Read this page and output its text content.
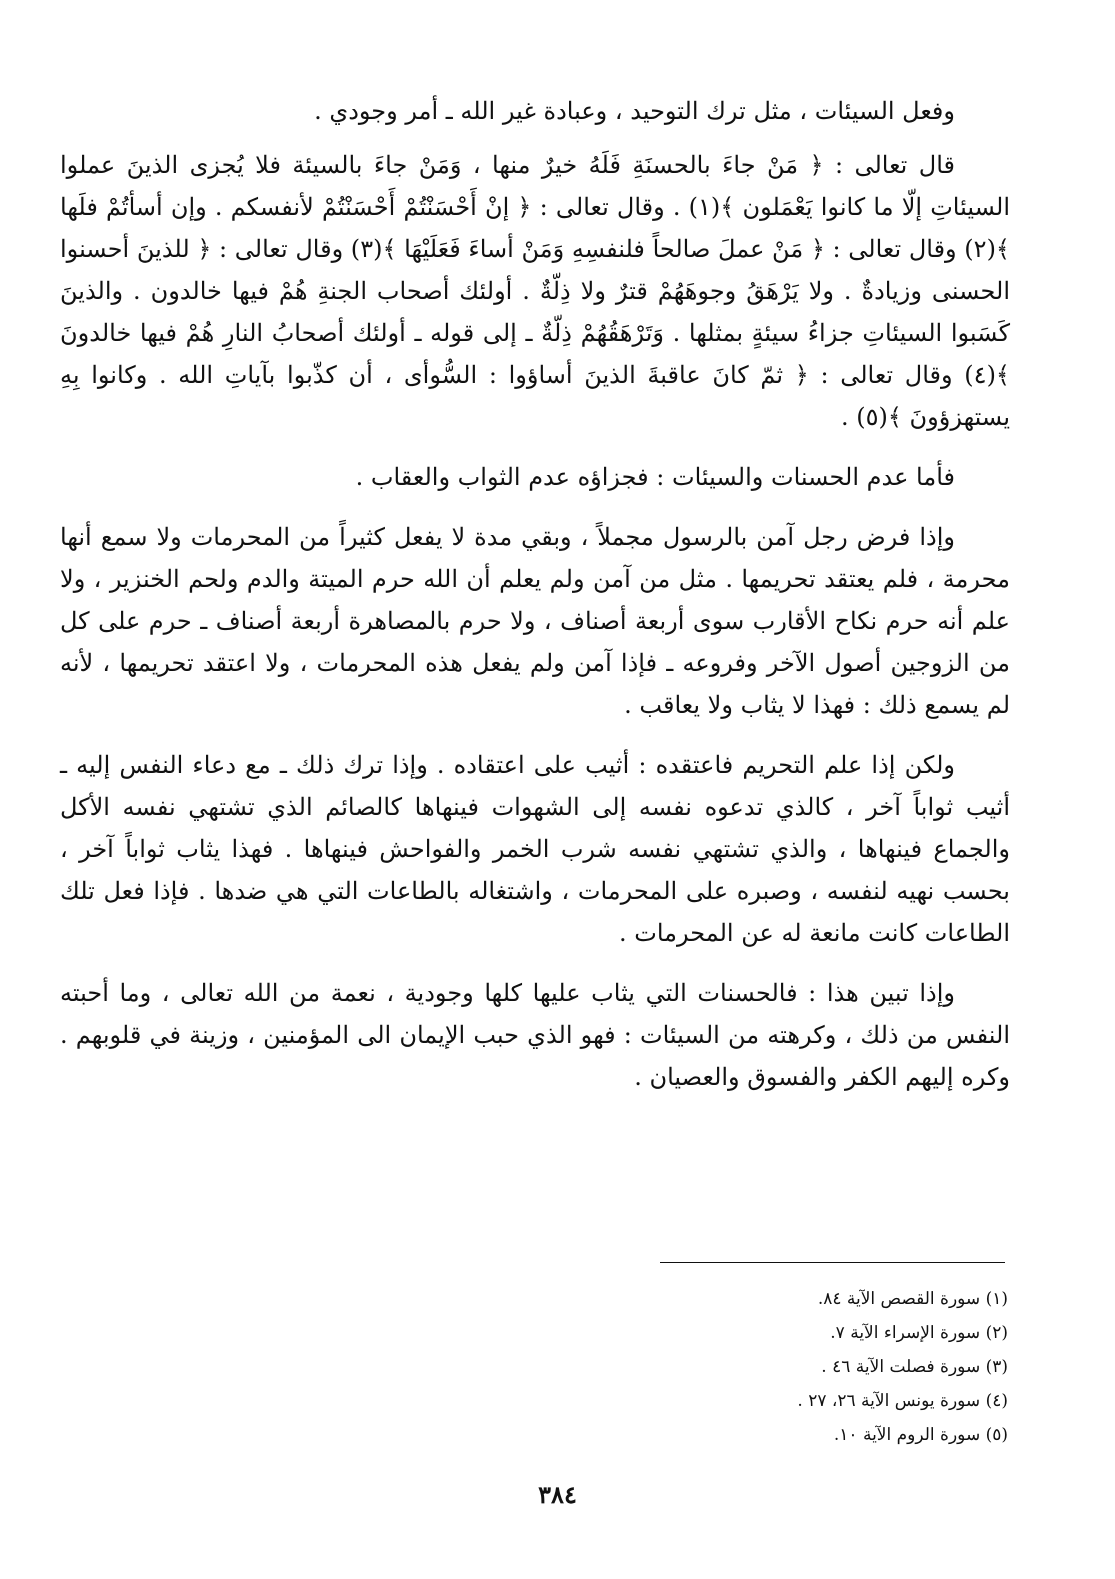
وفعل السيئات ، مثل ترك التوحيد ، وعبادة غير الله ـ أمر وجودي .

قال تعالى : ﴿ مَنْ جاءَ بالحسنَةِ فَلَهُ خيرٌ منها ، وَمَنْ جاءَ بالسيئة فلا يُجزى الذينَ عملوا السيئاتِ إلّا ما كانوا يَعْمَلون ﴾(١) . وقال تعالى : ﴿ إنْ أَحْسَنْتُمْ أَحْسَنْتُمْ لأنفسكم . وإن أسأتُمْ فلَها ﴾(٢) وقال تعالى : ﴿ مَنْ عملَ صالحاً فلنفسِهِ وَمَنْ أساءَ فَعَلَيْهَا ﴾(٣) وقال تعالى : ﴿ للذينَ أحسنوا الحسنى وزيادةٌ . ولا يَرْهَقُ وجوهَهُمْ قترٌ ولا ذِلّةٌ . أولئك أصحاب الجنةِ هُمْ فيها خالدون . والذينَ كَسَبوا السيئاتِ جزاءُ سيئةٍ بمثلها . وَتَرْهَقُهُمْ ذِلّةٌ ـ إلى قوله ـ أولئك أصحابُ النارِ هُمْ فيها خالدونَ ﴾(٤) وقال تعالى : ﴿ ثمّ كانَ عاقبةَ الذينَ أساؤوا : السُّوأى ، أن كذّبوا بآياتِ الله . وكانوا بِهِ يستهزؤونَ ﴾(٥) .

فأما عدم الحسنات والسيئات : فجزاؤه عدم الثواب والعقاب .

وإذا فرض رجل آمن بالرسول مجملاً ، وبقي مدة لا يفعل كثيراً من المحرمات ولا سمع أنها محرمة ، فلم يعتقد تحريمها . مثل من آمن ولم يعلم أن الله حرم الميتة والدم ولحم الخنزير ، ولا علم أنه حرم نكاح الأقارب سوى أربعة أصناف ، ولا حرم بالمصاهرة أربعة أصناف ـ حرم على كل من الزوجين أصول الآخر وفروعه ـ فإذا آمن ولم يفعل هذه المحرمات ، ولا اعتقد تحريمها ، لأنه لم يسمع ذلك : فهذا لا يثاب ولا يعاقب .

ولكن إذا علم التحريم فاعتقده : أثيب على اعتقاده . وإذا ترك ذلك ـ مع دعاء النفس إليه ـ أثيب ثواباً آخر ، كالذي تدعوه نفسه إلى الشهوات فينهاها كالصائم الذي تشتهي نفسه الأكل والجماع فينهاها ، والذي تشتهي نفسه شرب الخمر والفواحش فينهاها . فهذا يثاب ثواباً آخر ، بحسب نهيه لنفسه ، وصبره على المحرمات ، واشتغاله بالطاعات التي هي ضدها . فإذا فعل تلك الطاعات كانت مانعة له عن المحرمات .

وإذا تبين هذا : فالحسنات التي يثاب عليها كلها وجودية ، نعمة من الله تعالى ، وما أحبته النفس من ذلك ، وكرهته من السيئات : فهو الذي حبب الإيمان الى المؤمنين ، وزينة في قلوبهم . وكره إليهم الكفر والفسوق والعصيان .

(١) سورة القصص الآية ٨٤.
(٢) سورة الإسراء الآية ٧.
(٣) سورة فصلت الآية ٤٦ .
(٤) سورة يونس الآية ٢٦، ٢٧ .
(٥) سورة الروم الآية ١٠.
٣٨٤
